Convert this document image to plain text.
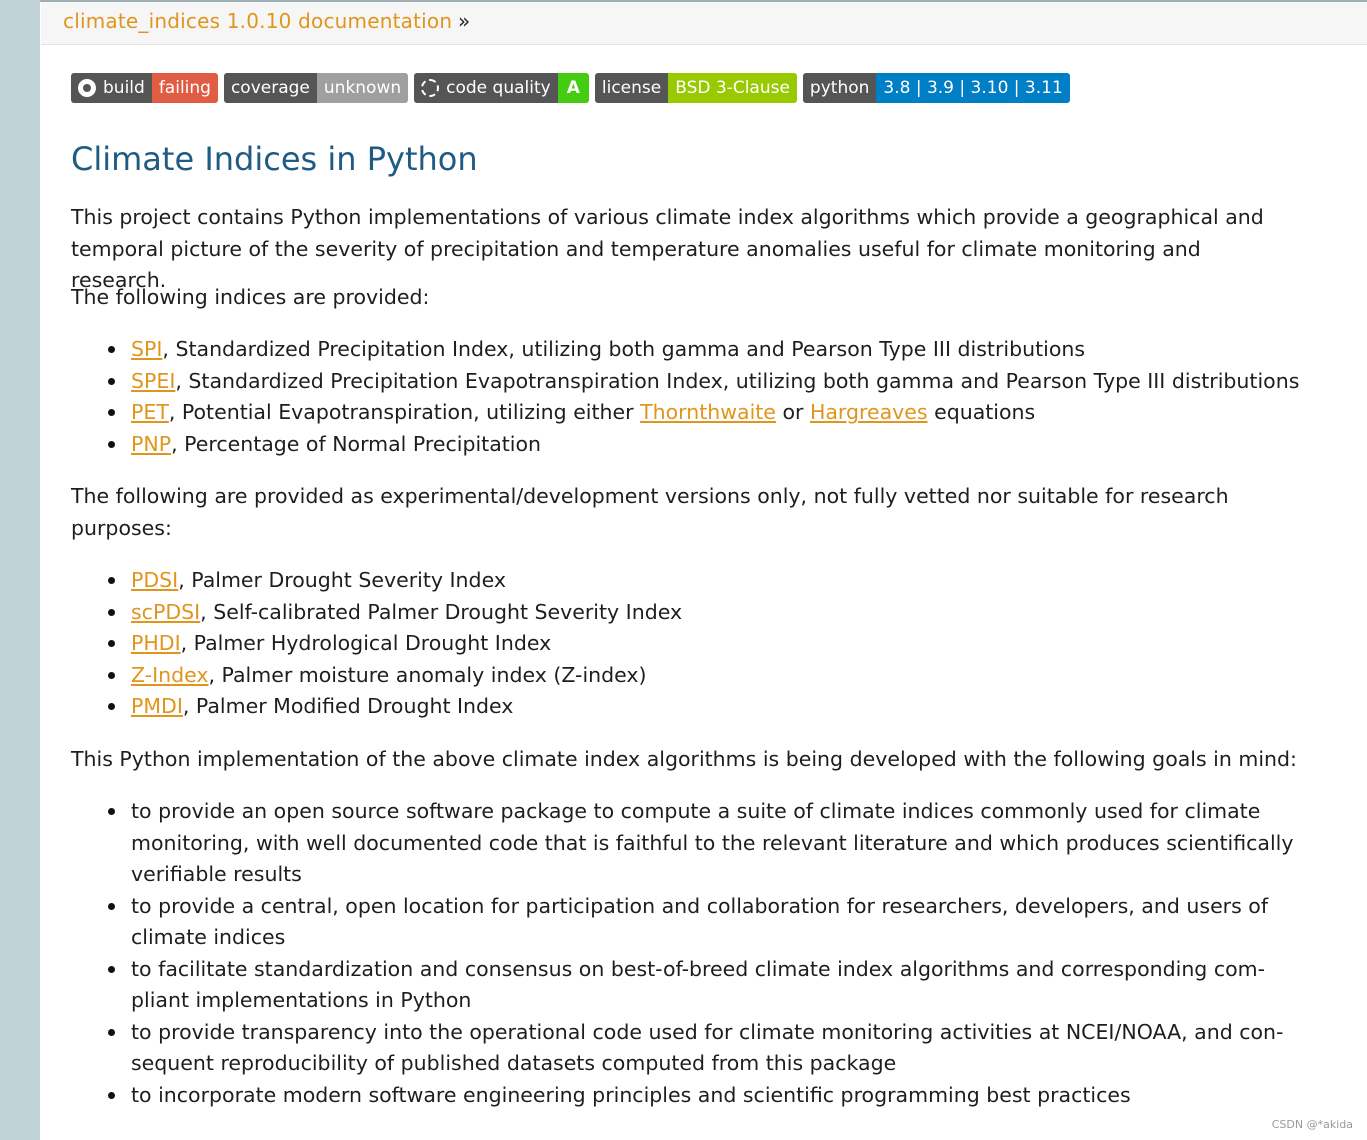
climate_indices 1.0.10 documentation »
build failing	coverage unknown	code quality A	license BSD 3-Clause	python 3.8 | 3.9 | 3.10 | 3.11
Climate Indices in Python

This project contains Python implementations of various climate index algorithms which provide a geographical and temporal picture of the severity of precipitation and temperature anomalies useful for climate monitoring and research.

The following indices are provided:

SPI, Standardized Precipitation Index, utilizing both gamma and Pearson Type III distributions
SPEI, Standardized Precipitation Evapotranspiration Index, utilizing both gamma and Pearson Type III distributions
PET, Potential Evapotranspiration, utilizing either Thornthwaite or Hargreaves equations
PNP, Percentage of Normal Precipitation

The following are provided as experimental/development versions only, not fully vetted nor suitable for research purposes:

PDSI, Palmer Drought Severity Index
scPDSI, Self-calibrated Palmer Drought Severity Index
PHDI, Palmer Hydrological Drought Index
Z-Index, Palmer moisture anomaly index (Z-index)
PMDI, Palmer Modified Drought Index

This Python implementation of the above climate index algorithms is being developed with the following goals in mind:

to provide an open source software package to compute a suite of climate indices commonly used for climate monitoring, with well documented code that is faithful to the relevant literature and which produces scientifically verifiable results
to provide a central, open location for participation and collaboration for researchers, developers, and users of climate indices
to facilitate standardization and consensus on best-of-breed climate index algorithms and corresponding com- pliant implementations in Python
to provide transparency into the operational code used for climate monitoring activities at NCEI/NOAA, and con- sequent reproducibility of published datasets computed from this package
to incorporate modern software engineering principles and scientific programming best practices
CSDN @*akida
